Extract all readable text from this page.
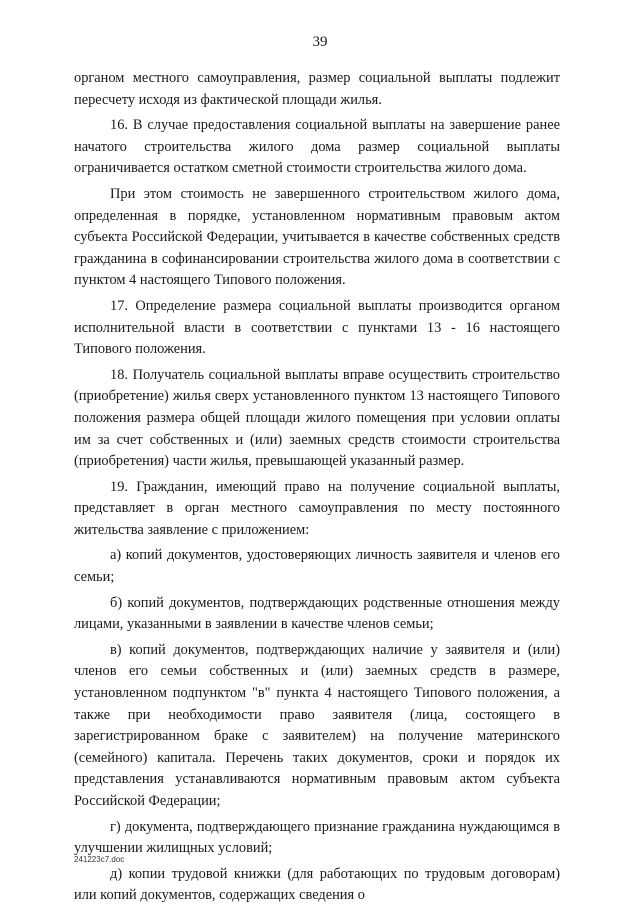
39

органом местного самоуправления, размер социальной выплаты подлежит пересчету исходя из фактической площади жилья.

16. В случае предоставления социальной выплаты на завершение ранее начатого строительства жилого дома размер социальной выплаты ограничивается остатком сметной стоимости строительства жилого дома.

При этом стоимость не завершенного строительством жилого дома, определенная в порядке, установленном нормативным правовым актом субъекта Российской Федерации, учитывается в качестве собственных средств гражданина в софинансировании строительства жилого дома в соответствии с пунктом 4 настоящего Типового положения.

17. Определение размера социальной выплаты производится органом исполнительной власти в соответствии с пунктами 13 - 16 настоящего Типового положения.

18. Получатель социальной выплаты вправе осуществить строительство (приобретение) жилья сверх установленного пунктом 13 настоящего Типового положения размера общей площади жилого помещения при условии оплаты им за счет собственных и (или) заемных средств стоимости строительства (приобретения) части жилья, превышающей указанный размер.

19. Гражданин, имеющий право на получение социальной выплаты, представляет в орган местного самоуправления по месту постоянного жительства заявление с приложением:

а) копий документов, удостоверяющих личность заявителя и членов его семьи;

б) копий документов, подтверждающих родственные отношения между лицами, указанными в заявлении в качестве членов семьи;

в) копий документов, подтверждающих наличие у заявителя и (или) членов его семьи собственных и (или) заемных средств в размере, установленном подпунктом "в" пункта 4 настоящего Типового положения, а также при необходимости право заявителя (лица, состоящего в зарегистрированном браке с заявителем) на получение материнского (семейного) капитала. Перечень таких документов, сроки и порядок их представления устанавливаются нормативным правовым актом субъекта Российской Федерации;

г) документа, подтверждающего признание гражданина нуждающимся в улучшении жилищных условий;

д) копии трудовой книжки (для работающих по трудовым договорам) или копий документов, содержащих сведения о

241223c7.doc
